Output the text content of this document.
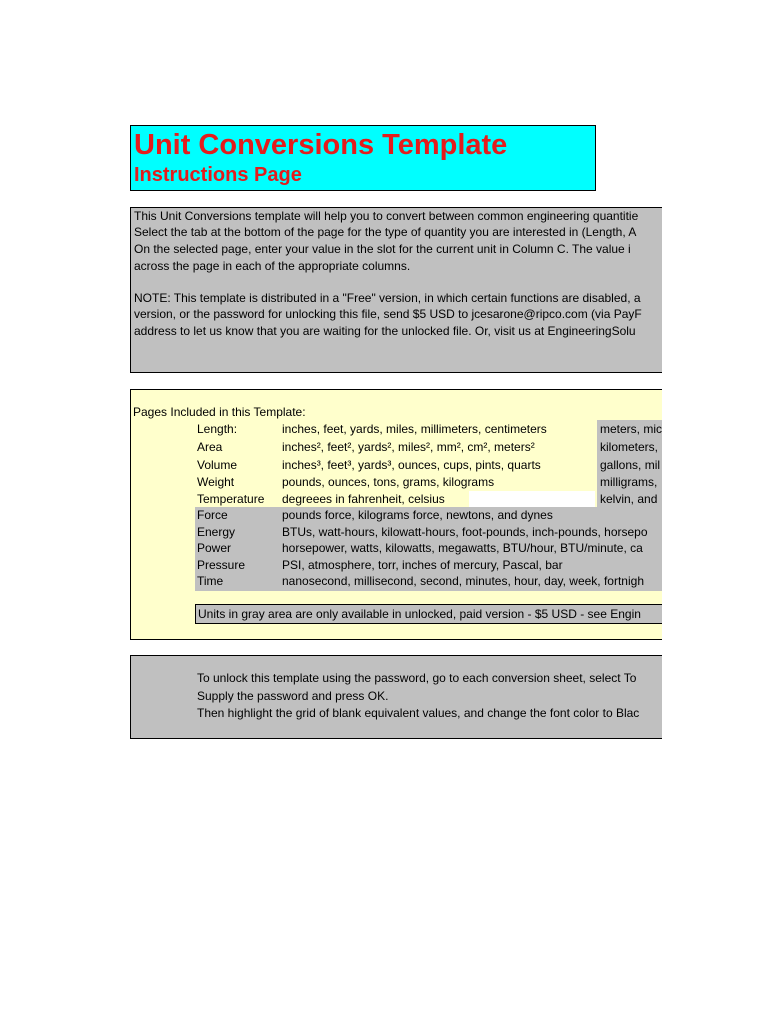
Unit Conversions Template
Instructions Page
This Unit Conversions template will help you to convert between common engineering quantitie
Select the tab at the bottom of the page for the type of quantity you are interested in (Length, A
On the selected page, enter your value in the slot for the current unit in Column C. The value i
across the page in each of the appropriate columns.
NOTE: This template is distributed in a "Free" version, in which certain functions are disabled, a
version, or the password for unlocking this file, send $5 USD to jcesarone@ripco.com (via PayF
address to let us know that you are waiting for the unlocked file. Or, visit us at EngineeringSolu
Pages Included in this Template:
Length:	inches, feet, yards, miles, millimeters, centimeters	meters, mic
Area	inches², feet², yards², miles², mm², cm², meters²	kilometers,
Volume	inches³, feet³, yards³, ounces, cups, pints, quarts	gallons, mil
Weight	pounds, ounces, tons, grams, kilograms	milligrams,
Temperature degreees in fahrenheit, celsius	kelvin, and
Force	pounds force, kilograms force, newtons, and dynes
Energy	BTUs, watt-hours, kilowatt-hours, foot-pounds, inch-pounds, horsepo
Power	horsepower, watts, kilowatts, megawatts, BTU/hour, BTU/minute, ca
Pressure	PSI, atmosphere, torr, inches of mercury, Pascal, bar
Time	nanosecond, millisecond, second, minutes, hour, day, week, fortnigh
Units in gray area are only available in unlocked, paid version - $5 USD - see Engin
To unlock this template using the password, go to each conversion sheet, select To
Supply the password and press OK.
Then highlight the grid of blank equivalent values, and change the font color to Blac
